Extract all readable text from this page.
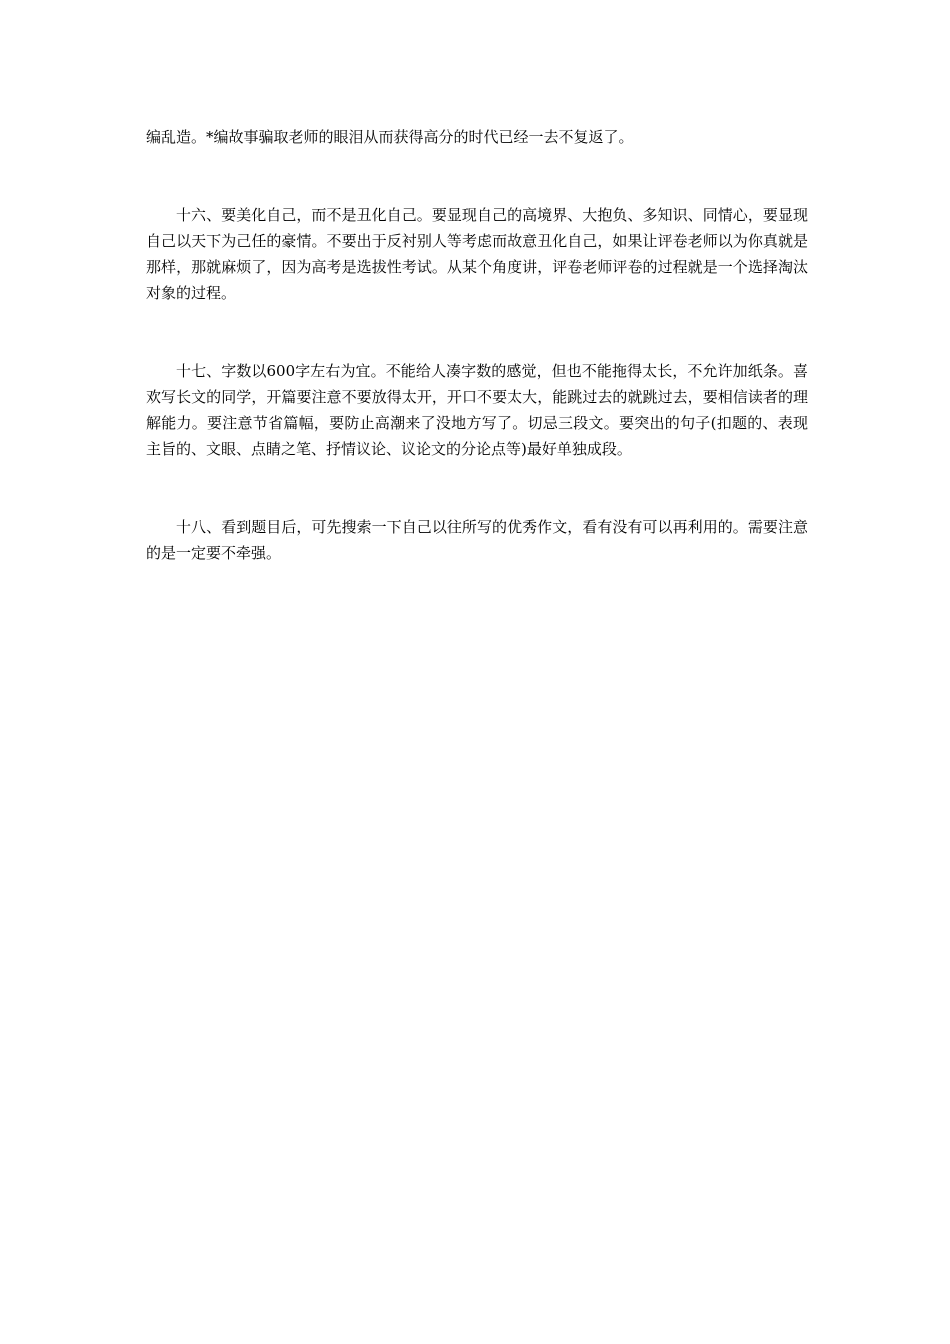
编乱造。*编故事骗取老师的眼泪从而获得高分的时代已经一去不复返了。

十六、要美化自己，而不是丑化自己。要显现自己的高境界、大抱负、多知识、同情心，要显现自己以天下为己任的豪情。不要出于反衬别人等考虑而故意丑化自己，如果让评卷老师以为你真就是那样，那就麻烦了，因为高考是选拔性考试。从某个角度讲，评卷老师评卷的过程就是一个选择淘汰对象的过程。

十七、字数以600字左右为宜。不能给人凑字数的感觉，但也不能拖得太长，不允许加纸条。喜欢写长文的同学，开篇要注意不要放得太开，开口不要太大，能跳过去的就跳过去，要相信读者的理解能力。要注意节省篇幅，要防止高潮来了没地方写了。切忌三段文。要突出的句子(扣题的、表现主旨的、文眼、点睛之笔、抒情议论、议论文的分论点等)最好单独成段。

十八、看到题目后，可先搜索一下自己以往所写的优秀作文，看有没有可以再利用的。需要注意的是一定要不牵强。
